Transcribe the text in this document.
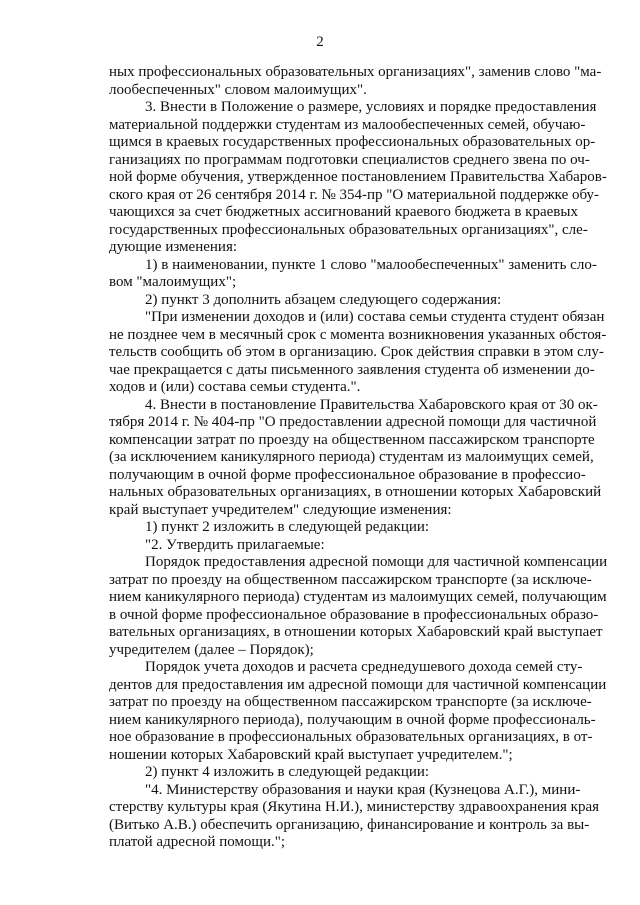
2
ных профессиональных образовательных организациях", заменив слово "ма-
лообеспеченных" словом малоимущих".
3. Внести в Положение о размере, условиях и порядке предоставления
материальной поддержки студентам из малообеспеченных семей, обучаю-
щимся в краевых государственных профессиональных образовательных ор-
ганизациях по программам подготовки специалистов среднего звена по оч-
ной форме обучения, утвержденное постановлением Правительства Хабаров-
ского края от 26 сентября 2014 г. № 354-пр "О материальной поддержке обу-
чающихся за счет бюджетных ассигнований краевого бюджета в краевых
государственных профессиональных образовательных организациях", сле-
дующие изменения:
1) в наименовании, пункте 1 слово "малообеспеченных" заменить сло-
вом "малоимущих";
2) пункт 3 дополнить абзацем следующего содержания:
"При изменении доходов и (или) состава семьи студента студент обязан
не позднее чем в месячный срок с момента возникновения указанных обстоя-
тельств сообщить об этом в организацию. Срок действия справки в этом слу-
чае прекращается с даты письменного заявления студента об изменении до-
ходов и (или) состава семьи студента.".
4. Внести в постановление Правительства Хабаровского края от 30 ок-
тября 2014 г. № 404-пр "О предоставлении адресной помощи для частичной
компенсации затрат по проезду на общественном пассажирском транспорте
(за исключением каникулярного периода) студентам из малоимущих семей,
получающим в очной форме профессиональное образование в профессио-
нальных образовательных организациях, в отношении которых Хабаровский
край выступает учредителем" следующие изменения:
1) пункт 2 изложить в следующей редакции:
"2. Утвердить прилагаемые:
Порядок предоставления адресной помощи для частичной компенсации
затрат по проезду на общественном пассажирском транспорте (за исключе-
нием каникулярного периода) студентам из малоимущих семей, получающим
в очной форме профессиональное образование в профессиональных образо-
вательных организациях, в отношении которых Хабаровский край выступает
учредителем (далее – Порядок);
Порядок учета доходов и расчета среднедушевого дохода семей сту-
дентов для предоставления им адресной помощи для частичной компенсации
затрат по проезду на общественном пассажирском транспорте (за исключе-
нием каникулярного периода), получающим в очной форме профессиональ-
ное образование в профессиональных образовательных организациях, в от-
ношении которых Хабаровский край выступает учредителем.";
2) пункт 4 изложить в следующей редакции:
"4. Министерству образования и науки края (Кузнецова А.Г.), мини-
стерству культуры края (Якутина Н.И.), министерству здравоохранения края
(Витько А.В.) обеспечить организацию, финансирование и контроль за вы-
платой адресной помощи.";
